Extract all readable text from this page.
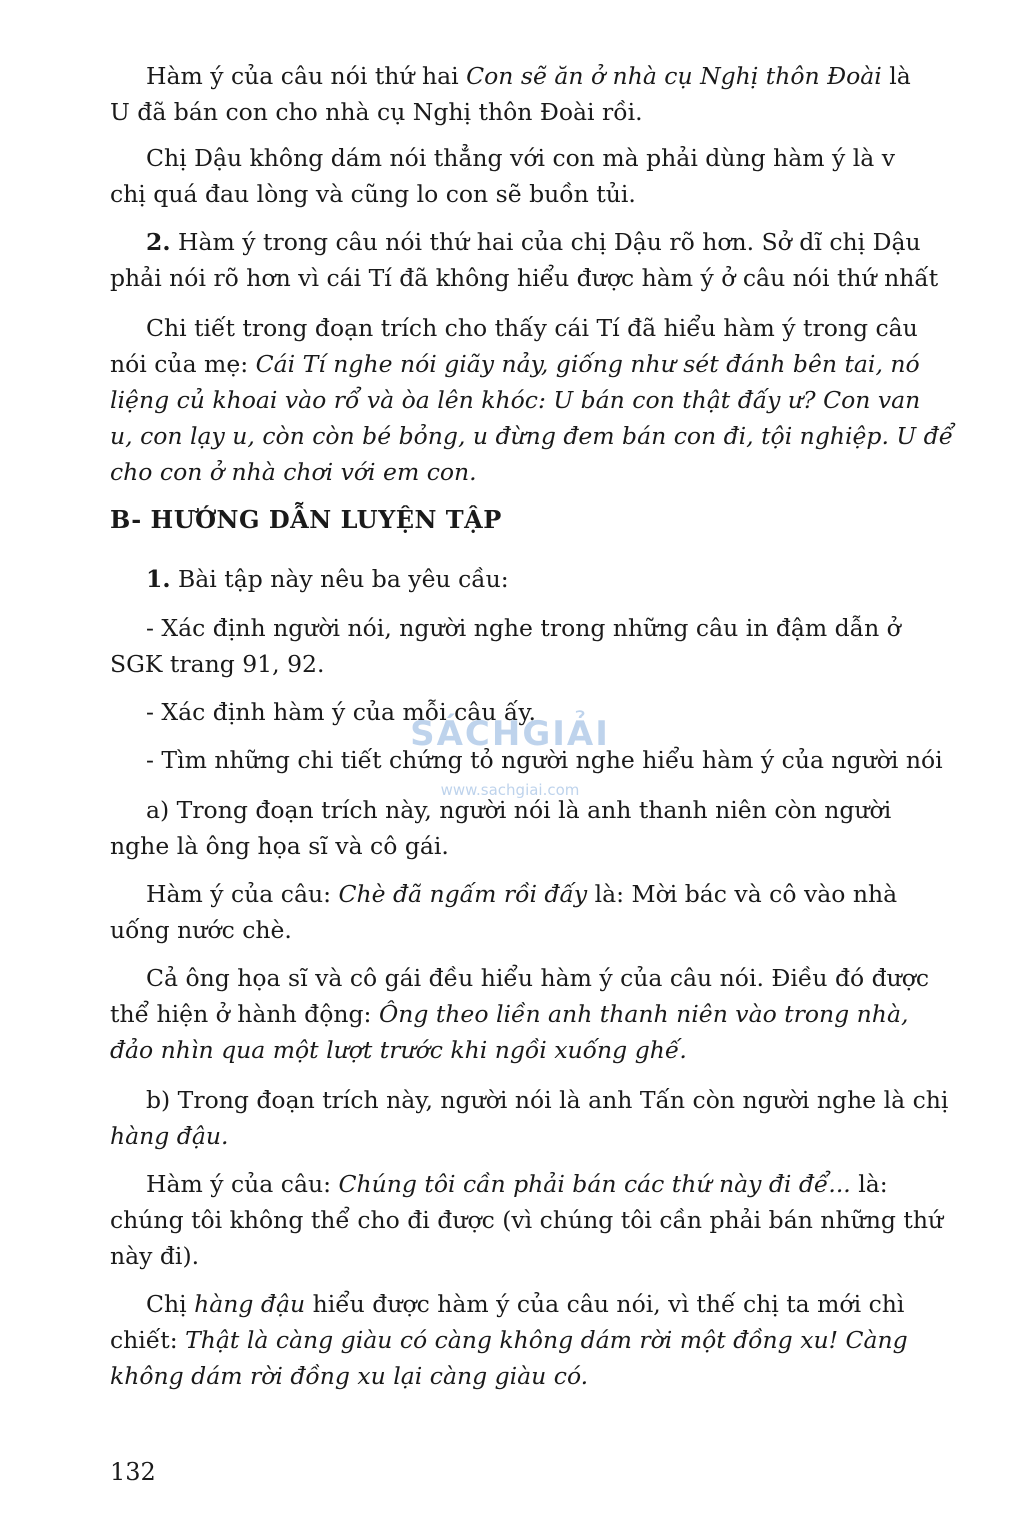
Hàm ý của câu nói thứ hai Con sẽ ăn ở nhà cụ Nghị thôn Đoài là
U đã bán con cho nhà cụ Nghị thôn Đoài rồi.
Chị Dậu không dám nói thẳng với con mà phải dùng hàm ý là v
chị quá đau lòng và cũng lo con sẽ buồn tủi.
2. Hàm ý trong câu nói thứ hai của chị Dậu rõ hơn. Sở dĩ chị Dậu
phải nói rõ hơn vì cái Tí đã không hiểu được hàm ý ở câu nói thứ nhất
Chi tiết trong đoạn trích cho thấy cái Tí đã hiểu hàm ý trong câu
nói của mẹ: Cái Tí nghe nói giãy nảy, giống như sét đánh bên tai, nó
liệng củ khoai vào rổ và òa lên khóc: U bán con thật đấy ư? Con van
u, con lạy u, còn còn bé bỏng, u đừng đem bán con đi, tội nghiệp. U để
cho con ở nhà chơi với em con.
B- HƯỚNG DẪN LUYỆN TẬP
1. Bài tập này nêu ba yêu cầu:
- Xác định người nói, người nghe trong những câu in đậm dẫn ở
SGK trang 91, 92.
- Xác định hàm ý của mỗi câu ấy.
- Tìm những chi tiết chứng tỏ người nghe hiểu hàm ý của người nói
a) Trong đoạn trích này, người nói là anh thanh niên còn người
nghe là ông họa sĩ và cô gái.
Hàm ý của câu: Chè đã ngấm rồi đấy là: Mời bác và cô vào nhà
uống nước chè.
Cả ông họa sĩ và cô gái đều hiểu hàm ý của câu nói. Điều đó được
thể hiện ở hành động: Ông theo liền anh thanh niên vào trong nhà,
đảo nhìn qua một lượt trước khi ngồi xuống ghế.
b) Trong đoạn trích này, người nói là anh Tấn còn người nghe là chị
hàng đậu.
Hàm ý của câu: Chúng tôi cần phải bán các thứ này đi để... là:
chúng tôi không thể cho đi được (vì chúng tôi cần phải bán những thứ
này đi).
Chị hàng đậu hiểu được hàm ý của câu nói, vì thế chị ta mới chì
chiết: Thật là càng giàu có càng không dám rời một đồng xu! Càng
không dám rời đồng xu lại càng giàu có.
SÁCHGIẢI
www.sachgiai.com
132
